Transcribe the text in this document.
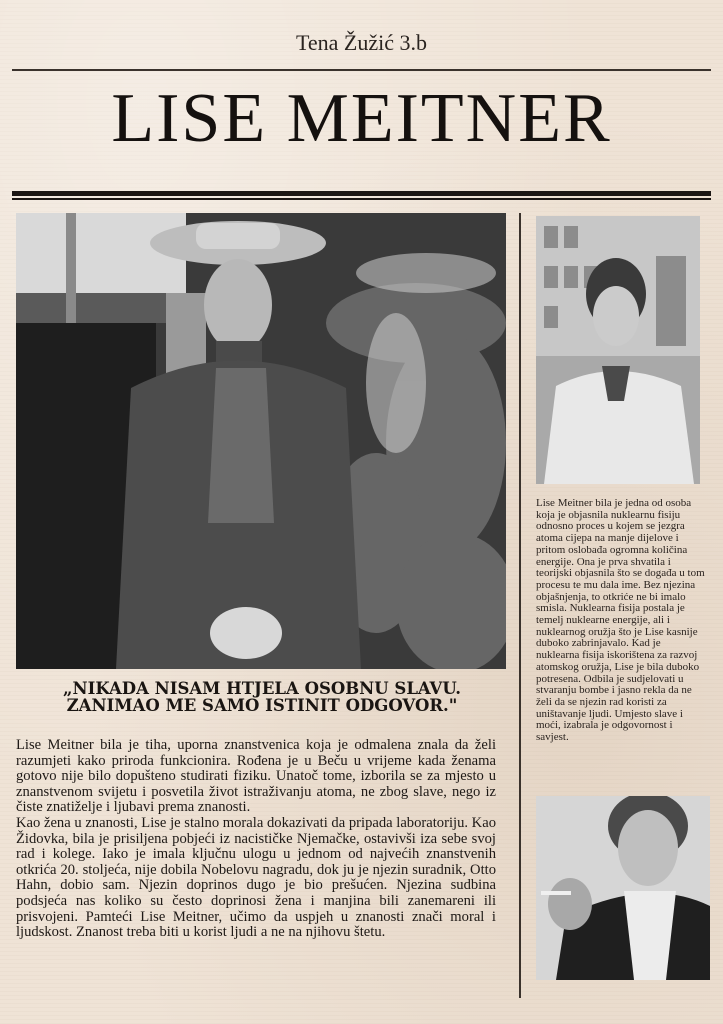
Tena Žužić 3.b
LISE MEITNER
„NIKADA NISAM HTJELA OSOBNU SLAVU. ZANIMAO ME SAMO ISTINIT ODGOVOR."

Lise Meitner bila je tiha, uporna znanstvenica koja je odmalena znala da želi razumjeti kako priroda funkcionira. Rođena je u Beču u vrijeme kada ženama gotovo nije bilo dopušteno studirati fiziku. Unatoč tome, izborila se za mjesto u znanstvenom svijetu i posvetila život istraživanju atoma, ne zbog slave, nego iz čiste znatiželje i ljubavi prema znanosti.

Kao žena u znanosti, Lise je stalno morala dokazivati da pripada laboratoriju. Kao Židovka, bila je prisiljena pobjeći iz nacističke Njemačke, ostavivši iza sebe svoj rad i kolege. Iako je imala ključnu ulogu u jednom od najvećih znanstvenih otkrića 20. stoljeća, nije dobila Nobelovu nagradu, dok ju je njezin suradnik, Otto Hahn, dobio sam. Njezin doprinos dugo je bio prešućen. Njezina sudbina podsjeća nas koliko su često doprinosi žena i manjina bili zanemareni ili prisvojeni. Pamteći Lise Meitner, učimo da uspjeh u znanosti znači moral i ljudskost. Znanost treba biti u korist ljudi a ne na njihovu štetu.

Lise Meitner bila je jedna od osoba koja je objasnila nuklearnu fisiju odnosno proces u kojem se jezgra atoma cijepa na manje dijelove i pritom oslobađa ogromna količina energije. Ona je prva shvatila i teorijski objasnila što se događa u tom procesu te mu dala ime. Bez njezina objašnjenja, to otkriće ne bi imalo smisla. Nuklearna fisija postala je temelj nuklearne energije, ali i nuklearnog oružja što je Lise kasnije duboko zabrinjavalo. Kad je nuklearna fisija iskorištena za razvoj atomskog oružja, Lise je bila duboko potresena. Odbila je sudjelovati u stvaranju bombe i jasno rekla da ne želi da se njezin rad koristi za uništavanje ljudi. Umjesto slave i moći, izabrala je odgovornost i savjest.
